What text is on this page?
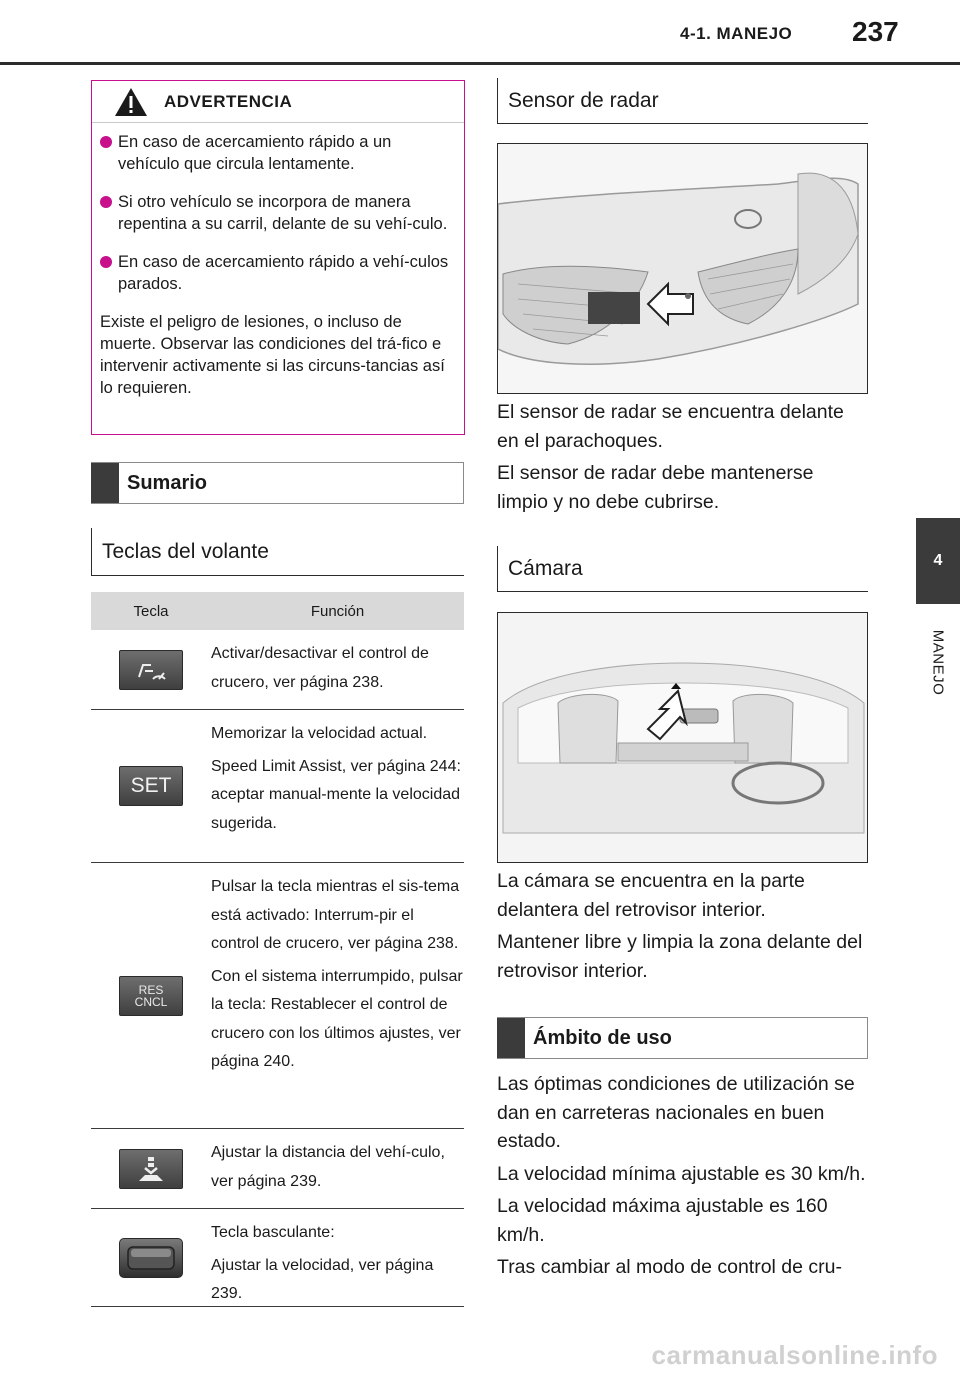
4-1. MANEJO 237
4
MANEJO
ADVERTENCIA
En caso de acercamiento rápido a un vehículo que circula lentamente.
Si otro vehículo se incorpora de manera repentina a su carril, delante de su vehí-culo.
En caso de acercamiento rápido a vehí-culos parados.
Existe el peligro de lesiones, o incluso de muerte. Observar las condiciones del trá-fico e intervenir activamente si las circuns-tancias así lo requieren.
Sumario
Teclas del volante
Tecla	Función

Activar/desactivar el control de crucero, ver página 238.

SET

Memorizar la velocidad actual.

Speed Limit Assist, ver página 244: aceptar manual-mente la velocidad sugerida.

RES
CNCL

Pulsar la tecla mientras el sis-tema está activado: Interrum-pir el control de crucero, ver página 238.

Con el sistema interrumpido, pulsar la tecla: Restablecer el control de crucero con los últimos ajustes, ver página 240.

Ajustar la distancia del vehí-culo, ver página 239.

Tecla basculante:

Ajustar la velocidad, ver página 239.

Sensor de radar

El sensor de radar se encuentra delante en el parachoques.

El sensor de radar debe mantenerse limpio y no debe cubrirse.

Cámara

La cámara se encuentra en la parte delantera del retrovisor interior.

Mantener libre y limpia la zona delante del retrovisor interior.

Ámbito de uso

Las óptimas condiciones de utilización se dan en carreteras nacionales en buen estado.

La velocidad mínima ajustable es 30 km/h.

La velocidad máxima ajustable es 160 km/h.

Tras cambiar al modo de control de cru-

carmanualsonline.info
